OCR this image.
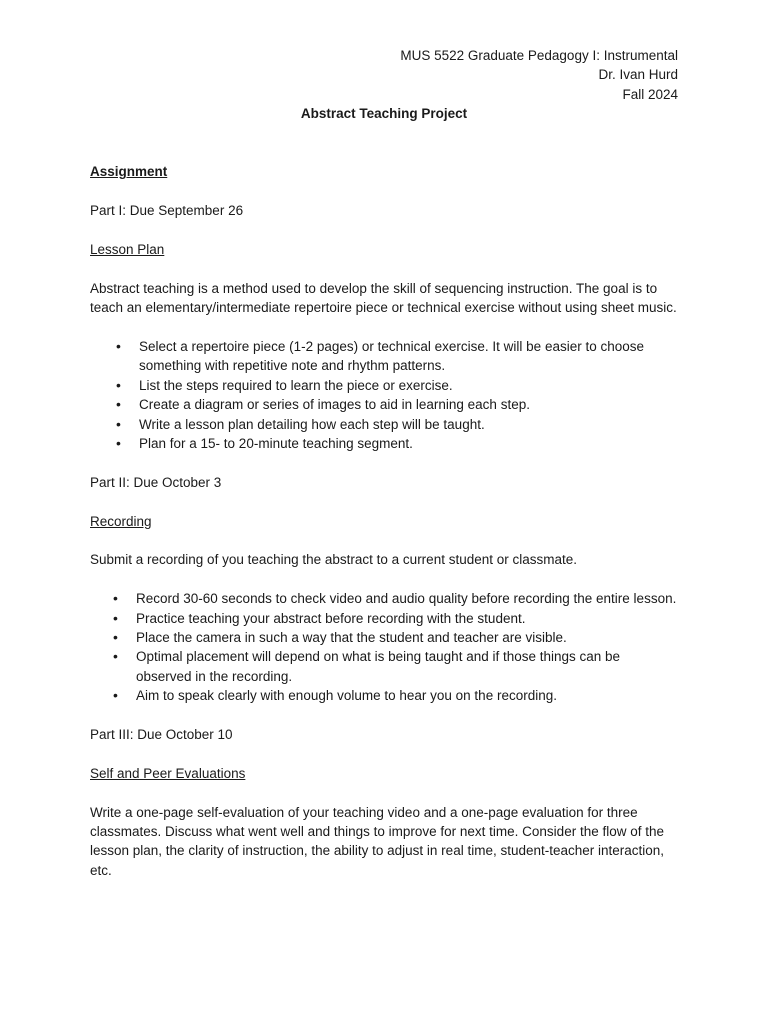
MUS 5522 Graduate Pedagogy I: Instrumental
Dr. Ivan Hurd
Fall 2024
Abstract Teaching Project

Assignment

Part I: Due September 26

Lesson Plan

Abstract teaching is a method used to develop the skill of sequencing instruction. The goal is to teach an elementary/intermediate repertoire piece or technical exercise without using sheet music.

• Select a repertoire piece (1-2 pages) or technical exercise. It will be easier to choose something with repetitive note and rhythm patterns.
• List the steps required to learn the piece or exercise.
• Create a diagram or series of images to aid in learning each step.
• Write a lesson plan detailing how each step will be taught.
• Plan for a 15- to 20-minute teaching segment.

Part II: Due October 3

Recording

Submit a recording of you teaching the abstract to a current student or classmate.

• Record 30-60 seconds to check video and audio quality before recording the entire lesson.
• Practice teaching your abstract before recording with the student.
• Place the camera in such a way that the student and teacher are visible.
• Optimal placement will depend on what is being taught and if those things can be observed in the recording.
• Aim to speak clearly with enough volume to hear you on the recording.

Part III: Due October 10

Self and Peer Evaluations

Write a one-page self-evaluation of your teaching video and a one-page evaluation for three classmates. Discuss what went well and things to improve for next time. Consider the flow of the lesson plan, the clarity of instruction, the ability to adjust in real time, student-teacher interaction, etc.
